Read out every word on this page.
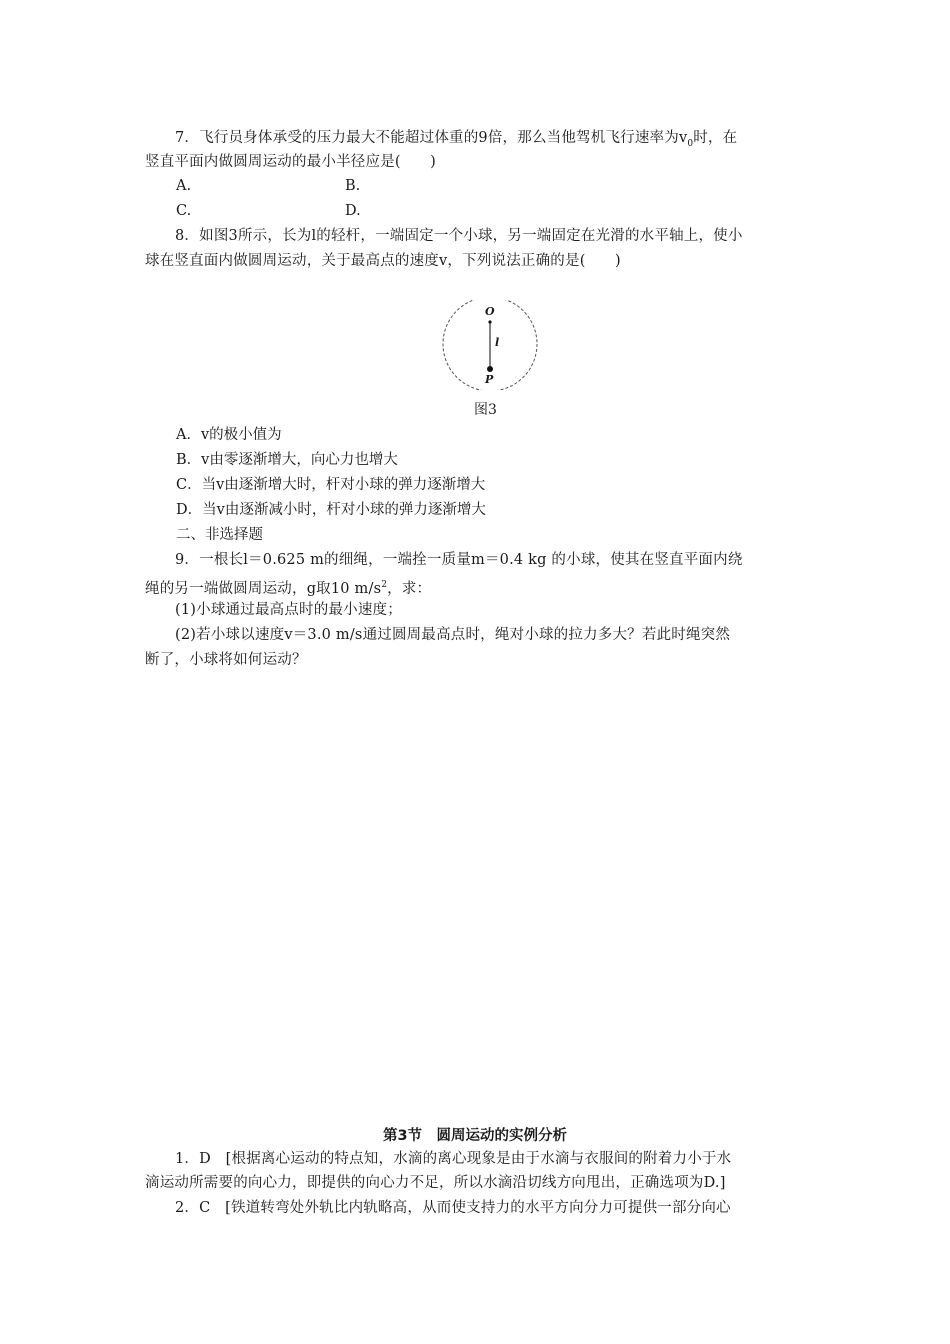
7．飞行员身体承受的压力最大不能超过体重的9倍，那么当他驾机飞行速率为$v_0$时，在
竖直平面内做圆周运动的最小半径应是(　　)
A.	B.
C.	D.
8．如图3所示，长为l的轻杆，一端固定一个小球，另一端固定在光滑的水平轴上，使小
球在竖直面内做圆周运动，关于最高点的速度v，下列说法正确的是(　　)
O
l
P
图3
A．v的极小值为
B．v由零逐渐增大，向心力也增大
C．当v由逐渐增大时，杆对小球的弹力逐渐增大
D．当v由逐渐减小时，杆对小球的弹力逐渐增大
二、非选择题
9．一根长l＝0.625 m的细绳，一端拴一质量m＝0.4 kg 的小球，使其在竖直平面内绕
绳的另一端做圆周运动，g取10 $m/s^2$，求：
(1)小球通过最高点时的最小速度；
(2)若小球以速度v＝3.0 m/s通过圆周最高点时，绳对小球的拉力多大？若此时绳突然
断了，小球将如何运动？
第3节　圆周运动的实例分析
1．D　[根据离心运动的特点知，水滴的离心现象是由于水滴与衣服间的附着力小于水
滴运动所需要的向心力，即提供的向心力不足，所以水滴沿切线方向甩出，正确选项为D.]
2．C　[铁道转弯处外轨比内轨略高，从而使支持力的水平方向分力可提供一部分向心
